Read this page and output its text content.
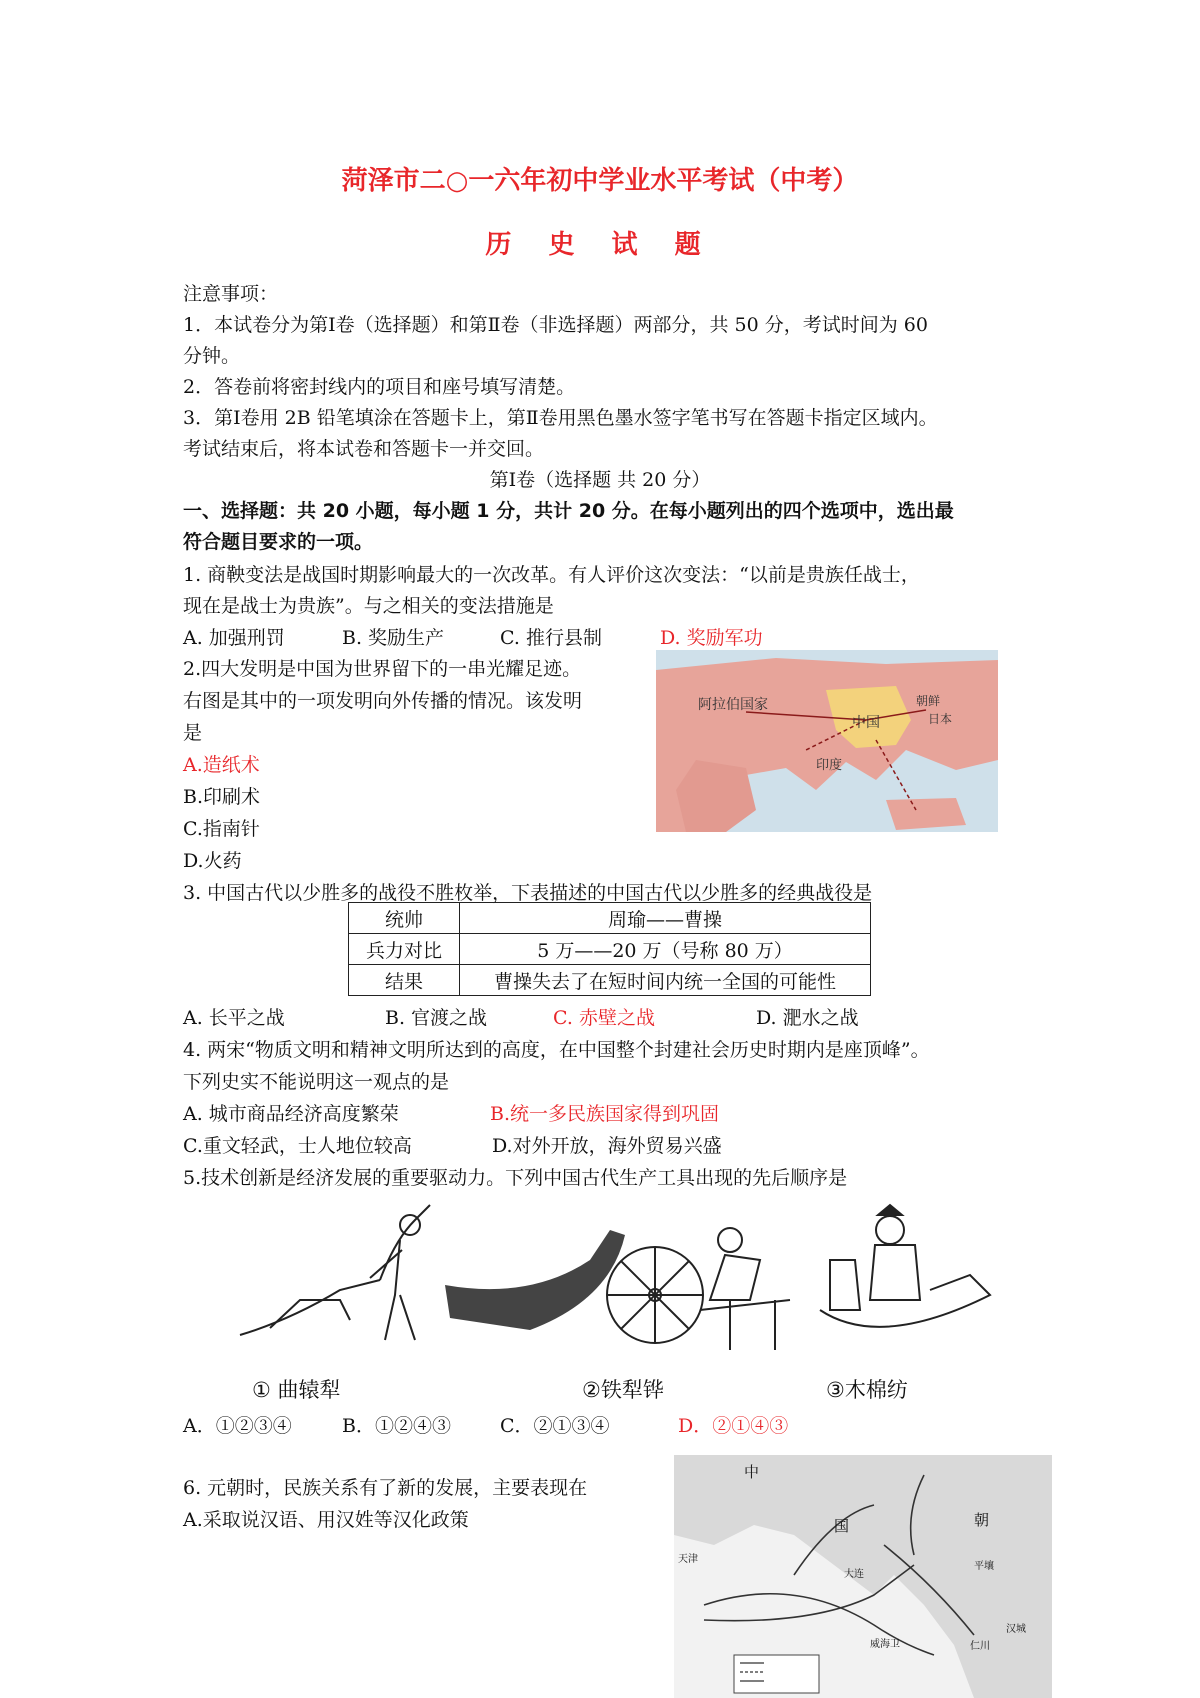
菏泽市二○一六年初中学业水平考试（中考）
历 史 试 题
注意事项：
1．本试卷分为第Ⅰ卷（选择题）和第Ⅱ卷（非选择题）两部分，共 50 分，考试时间为 60
分钟。
2．答卷前将密封线内的项目和座号填写清楚。
3．第Ⅰ卷用 2B 铅笔填涂在答题卡上，第Ⅱ卷用黑色墨水签字笔书写在答题卡指定区域内。
考试结束后，将本试卷和答题卡一并交回。
第Ⅰ卷（选择题 共 20 分）
一、选择题：共 20 小题，每小题 1 分，共计 20 分。在每小题列出的四个选项中，选出最
符合题目要求的一项。
1. 商鞅变法是战国时期影响最大的一次改革。有人评价这次变法：“以前是贵族任战士，
现在是战士为贵族”。与之相关的变法措施是
A. 加强刑罚	B. 奖励生产	C. 推行县制	D. 奖励军功
2.四大发明是中国为世界留下的一串光耀足迹。
右图是其中的一项发明向外传播的情况。该发明
是
A.造纸术
B.印刷术
C.指南针
D.火药
阿拉伯国家
中国
朝鲜
日本
印度
3. 中国古代以少胜多的战役不胜枚举，下表描述的中国古代以少胜多的经典战役是
统帅	周瑜——曹操
兵力对比	5 万——20 万（号称 80 万）
结果	曹操失去了在短时间内统一全国的可能性
A. 长平之战	B. 官渡之战	C. 赤壁之战	D. 淝水之战
4. 两宋“物质文明和精神文明所达到的高度，在中国整个封建社会历史时期内是座顶峰”。
下列史实不能说明这一观点的是
A. 城市商品经济高度繁荣	B.统一多民族国家得到巩固
C.重文轻武，士人地位较高	D.对外开放，海外贸易兴盛
5.技术创新是经济发展的重要驱动力。下列中国古代生产工具出现的先后顺序是
① 曲辕犁	②铁犁铧	③木棉纺
A．①②③④	B．①②④③	C．②①③④	D．②①④③
6. 元朝时，民族关系有了新的发展，主要表现在
A.采取说汉语、用汉姓等汉化政策
中
国	朝
天津
大连
平壤
汉城
仁川
威海卫
